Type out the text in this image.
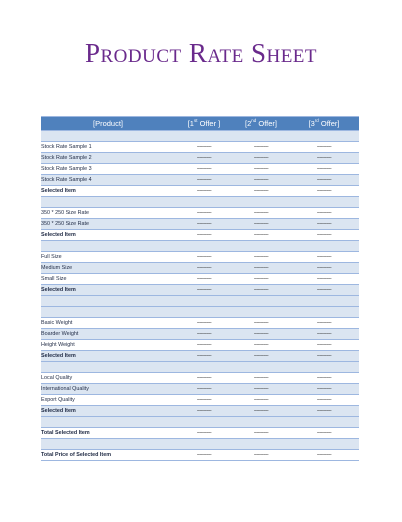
Product Rate Sheet
[Product]	[1st Offer ]	[2nd Offer]	[3rd Offer]

Stock Rate Sample 1	-----------	-----------	-----------
Stock Rate Sample 2	-----------	-----------	-----------
Stock Rate Sample 3	-----------	-----------	-----------
Stock Rate Sample 4	-----------	-----------	-----------
Selected Item	-----------	-----------	-----------

350 * 250 Size Rate	-----------	-----------	-----------
350 * 250 Size Rate	-----------	-----------	-----------
Selected Item	-----------	-----------	-----------

Full Size	-----------	-----------	-----------
Medium Size	-----------	-----------	-----------
Small Size	-----------	-----------	-----------
Selected Item	-----------	-----------	-----------

Basic Weight	-----------	-----------	-----------
Boarder Weight	-----------	-----------	-----------
Height Weight	-----------	-----------	-----------
Selected Item	-----------	-----------	-----------

Local Quality	-----------	-----------	-----------
International Quality	-----------	-----------	-----------
Export Quality	-----------	-----------	-----------
Selected Item	-----------	-----------	-----------

Total Selected Item	-----------	-----------	-----------

Total Price of Selected Item	-----------	-----------	-----------
